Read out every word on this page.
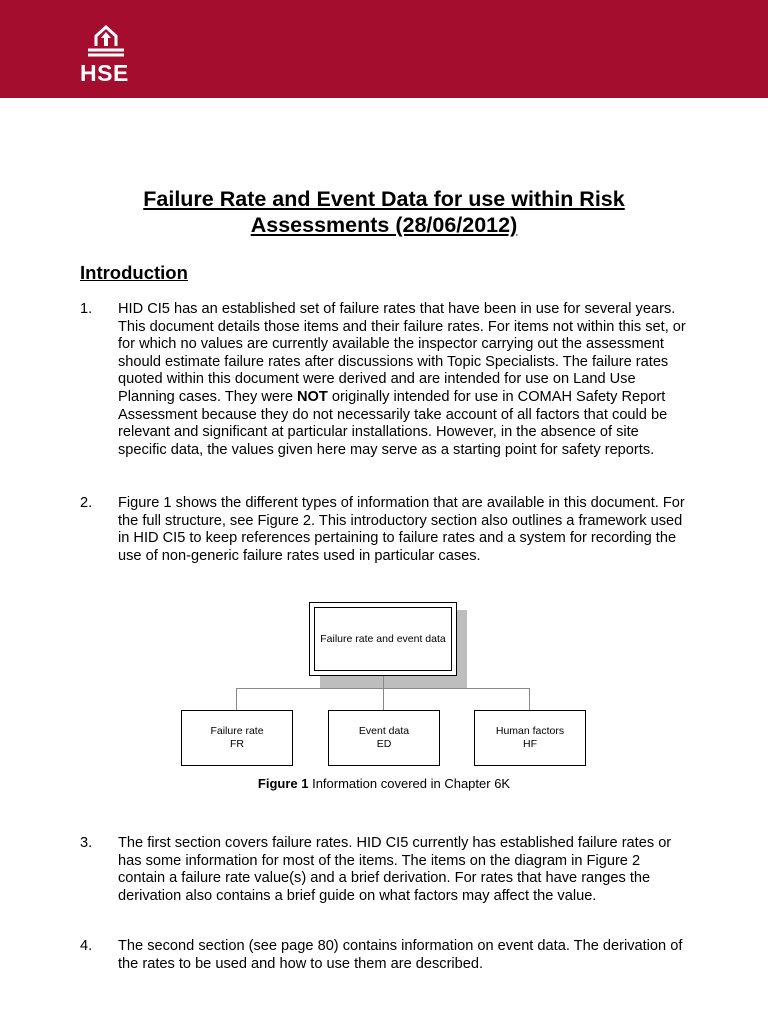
HSE
Failure Rate and Event Data for use within Risk Assessments (28/06/2012)
Introduction
1. HID CI5 has an established set of failure rates that have been in use for several years. This document details those items and their failure rates. For items not within this set, or for which no values are currently available the inspector carrying out the assessment should estimate failure rates after discussions with Topic Specialists. The failure rates quoted within this document were derived and are intended for use on Land Use Planning cases. They were NOT originally intended for use in COMAH Safety Report Assessment because they do not necessarily take account of all factors that could be relevant and significant at particular installations. However, in the absence of site specific data, the values given here may serve as a starting point for safety reports.
2. Figure 1 shows the different types of information that are available in this document. For the full structure, see Figure 2. This introductory section also outlines a framework used in HID CI5 to keep references pertaining to failure rates and a system for recording the use of non-generic failure rates used in particular cases.
Failure rate and event data
Failure rate
FR
Event data
ED
Human factors
HF
Figure 1 Information covered in Chapter 6K
3. The first section covers failure rates. HID CI5 currently has established failure rates or has some information for most of the items. The items on the diagram in Figure 2 contain a failure rate value(s) and a brief derivation. For rates that have ranges the derivation also contains a brief guide on what factors may affect the value.
4. The second section (see page 80) contains information on event data. The derivation of the rates to be used and how to use them are described.
